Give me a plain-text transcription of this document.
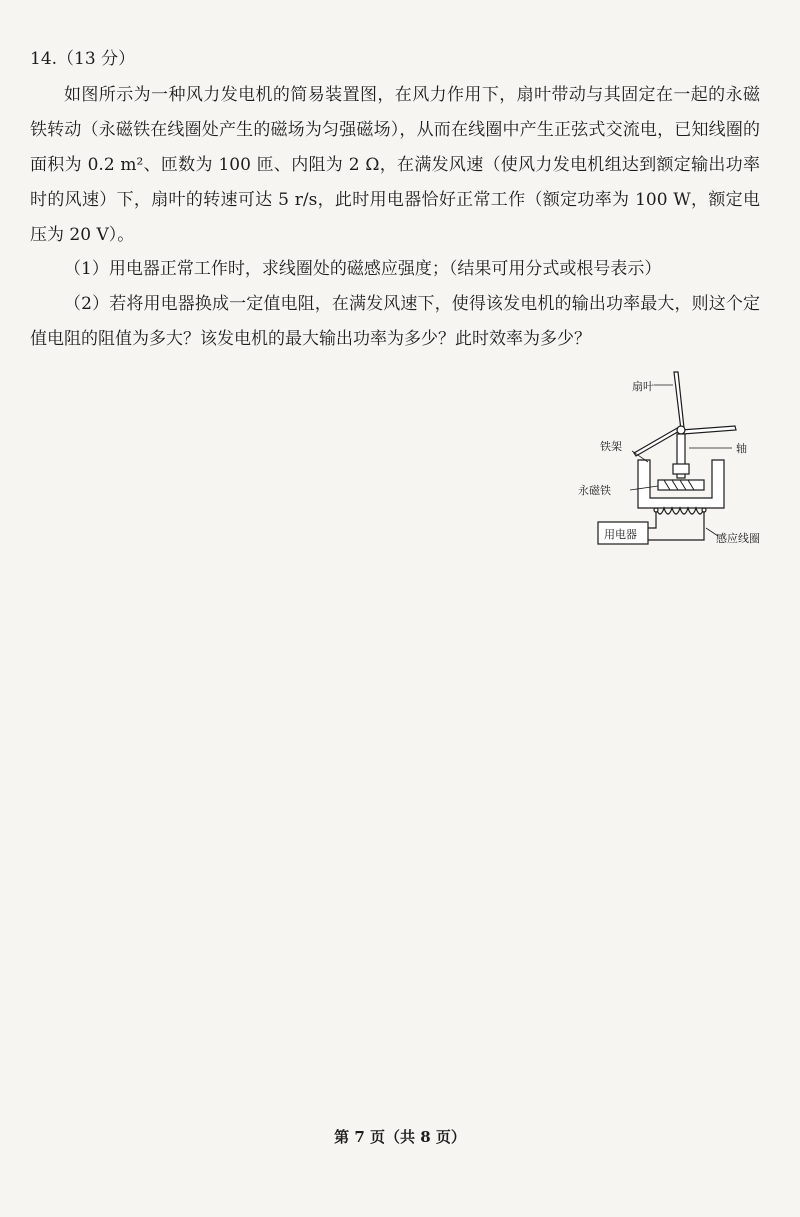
14.（13 分）
如图所示为一种风力发电机的简易装置图，在风力作用下，扇叶带动与其固定在一起的永磁铁转动（永磁铁在线圈处产生的磁场为匀强磁场），从而在线圈中产生正弦式交流电，已知线圈的面积为 0.2 m²、匝数为 100 匝、内阻为 2 Ω，在满发风速（使风力发电机组达到额定输出功率时的风速）下，扇叶的转速可达 5 r/s，此时用电器恰好正常工作（额定功率为 100 W，额定电压为 20 V）。
（1）用电器正常工作时，求线圈处的磁感应强度；（结果可用分式或根号表示）
（2）若将用电器换成一定值电阻，在满发风速下，使得该发电机的输出功率最大，则这个定值电阻的阻值为多大？该发电机的最大输出功率为多少？此时效率为多少？
扇叶
铁架	轴
永磁铁
用电器	感应线圈
第 7 页（共 8 页）
